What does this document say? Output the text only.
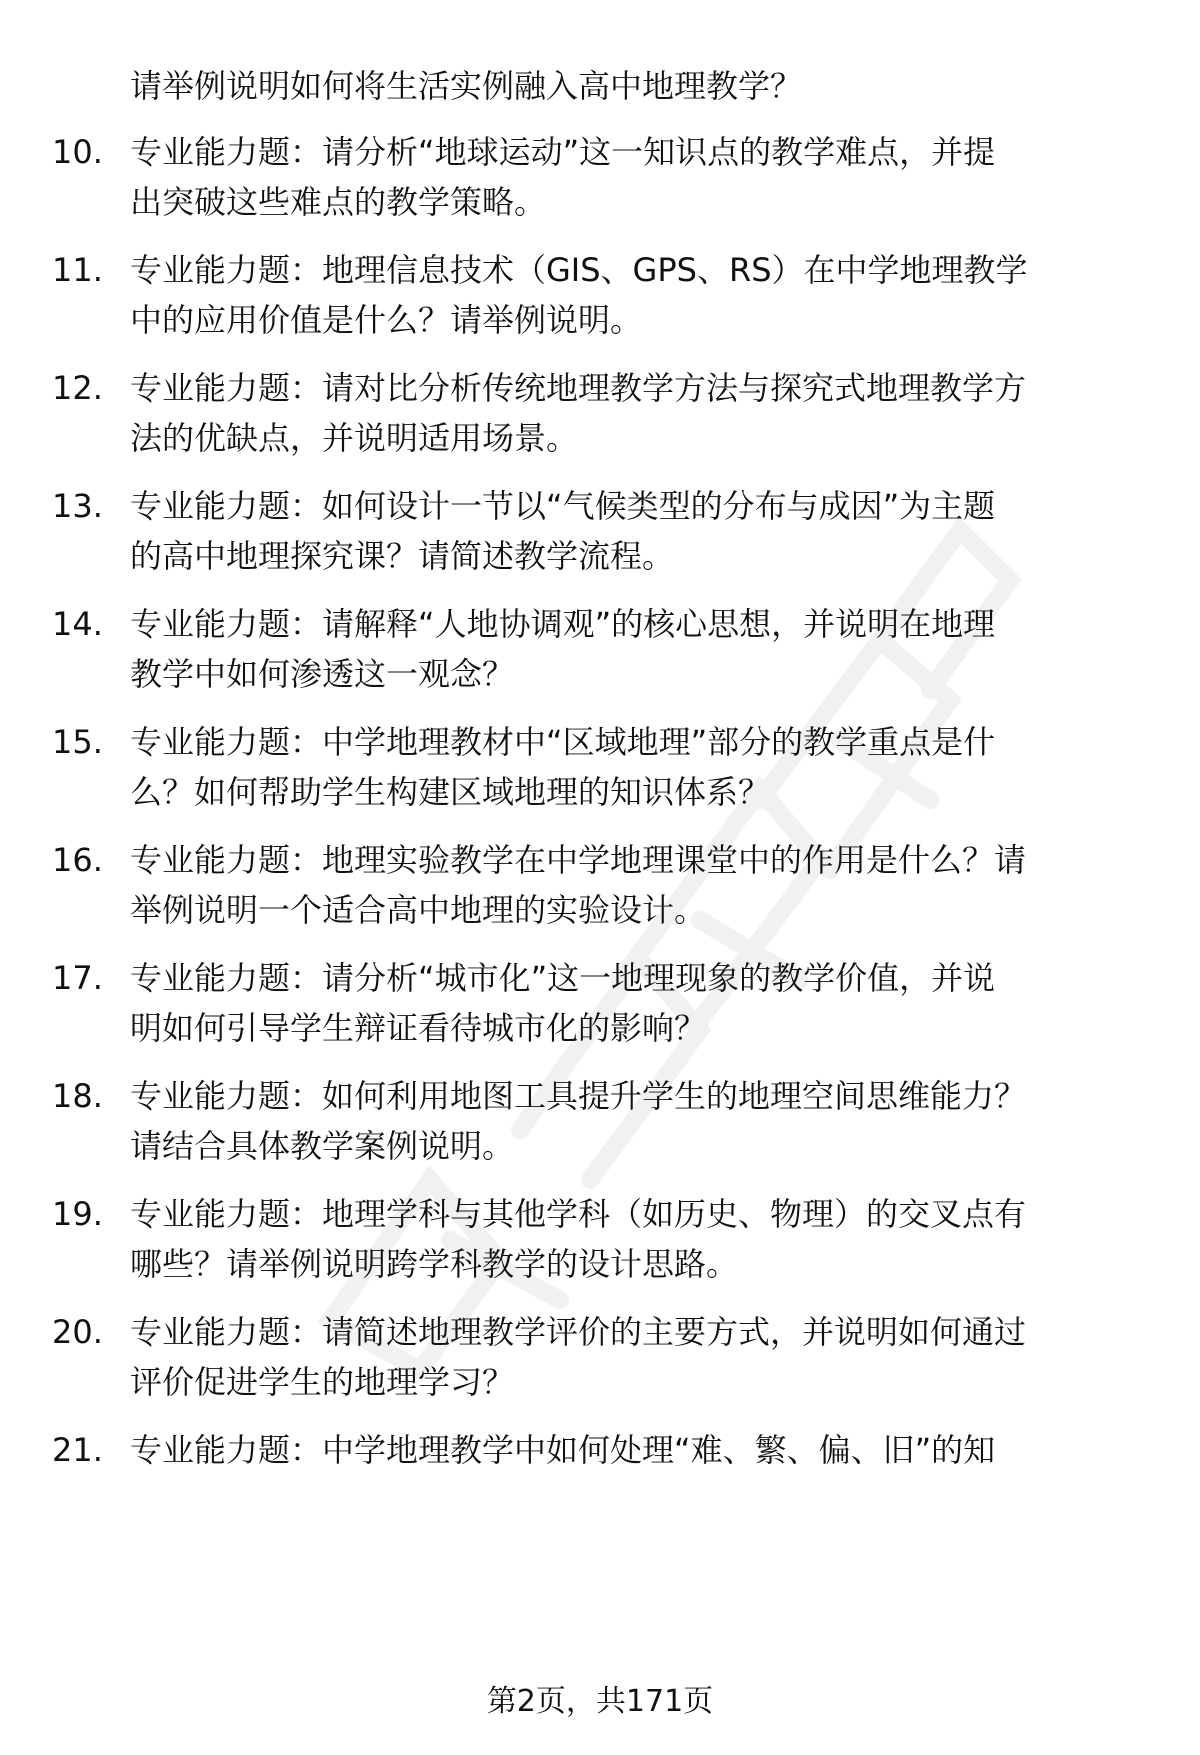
请举例说明如何将生活实例融入高中地理教学？
10. 专业能力题：请分析“地球运动”这一知识点的教学难点，并提
出突破这些难点的教学策略。
11. 专业能力题：地理信息技术（GIS、GPS、RS）在中学地理教学
中的应用价值是什么？请举例说明。
12. 专业能力题：请对比分析传统地理教学方法与探究式地理教学方
法的优缺点，并说明适用场景。
13. 专业能力题：如何设计一节以“气候类型的分布与成因”为主题
的高中地理探究课？请简述教学流程。
14. 专业能力题：请解释“人地协调观”的核心思想，并说明在地理
教学中如何渗透这一观念？
15. 专业能力题：中学地理教材中“区域地理”部分的教学重点是什
么？如何帮助学生构建区域地理的知识体系？
16. 专业能力题：地理实验教学在中学地理课堂中的作用是什么？请
举例说明一个适合高中地理的实验设计。
17. 专业能力题：请分析“城市化”这一地理现象的教学价值，并说
明如何引导学生辩证看待城市化的影响？
18. 专业能力题：如何利用地图工具提升学生的地理空间思维能力？
请结合具体教学案例说明。
19. 专业能力题：地理学科与其他学科（如历史、物理）的交叉点有
哪些？请举例说明跨学科教学的设计思路。
20. 专业能力题：请简述地理教学评价的主要方式，并说明如何通过
评价促进学生的地理学习？
21. 专业能力题：中学地理教学中如何处理“难、繁、偏、旧”的知
第2页，共171页
